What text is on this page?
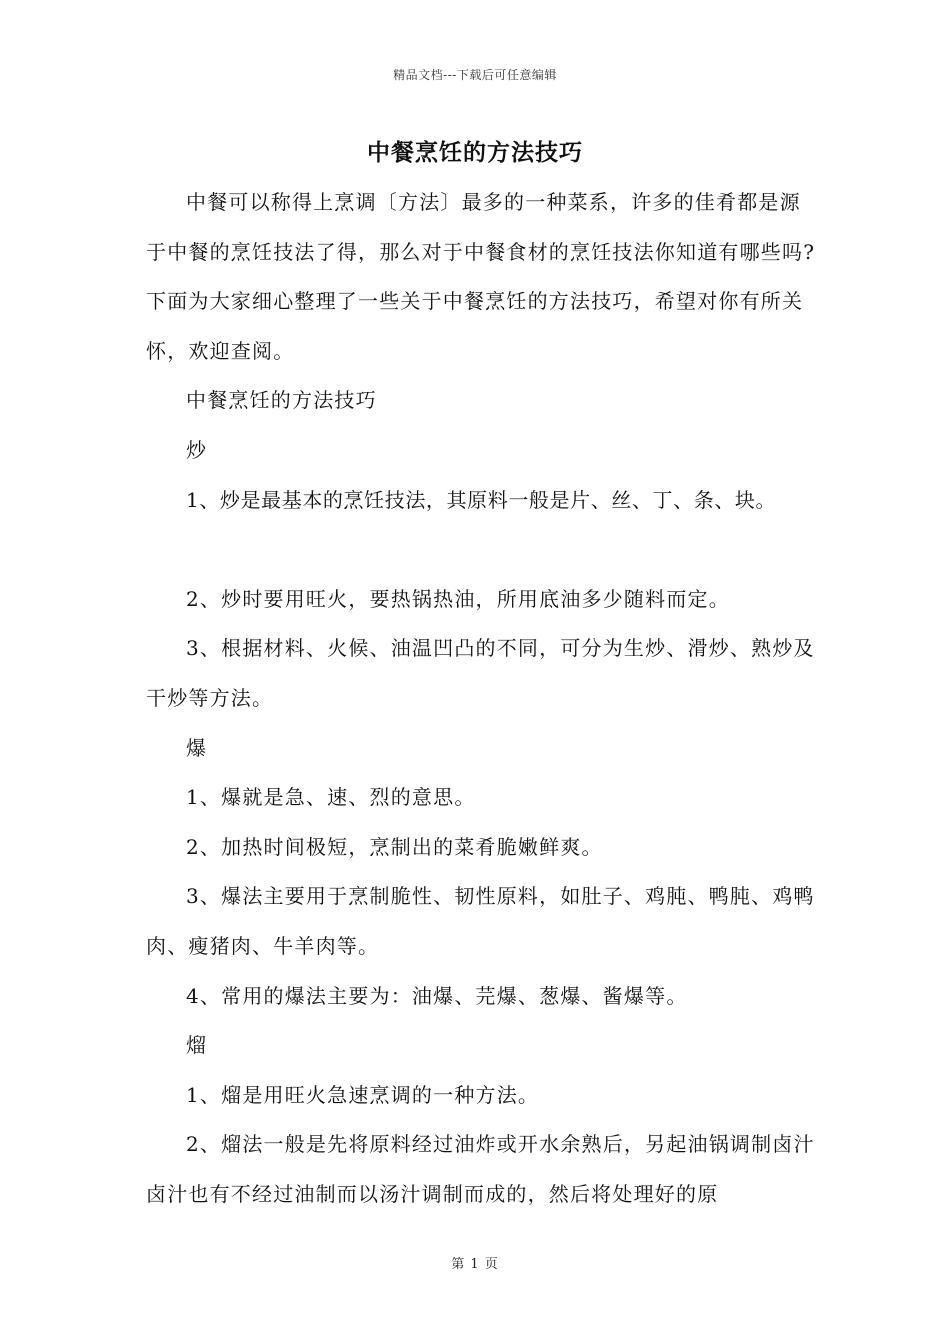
精品文档---下载后可任意编辑
中餐烹饪的方法技巧

中餐可以称得上烹调〔方法〕最多的一种菜系，许多的佳肴都是源于中餐的烹饪技法了得，那么对于中餐食材的烹饪技法你知道有哪些吗?下面为大家细心整理了一些关于中餐烹饪的方法技巧，希望对你有所关怀，欢迎查阅。

中餐烹饪的方法技巧

炒

1、炒是最基本的烹饪技法，其原料一般是片、丝、丁、条、块。

2、炒时要用旺火，要热锅热油，所用底油多少随料而定。

3、根据材料、火候、油温凹凸的不同，可分为生炒、滑炒、熟炒及干炒等方法。

爆

1、爆就是急、速、烈的意思。

2、加热时间极短，烹制出的菜肴脆嫩鲜爽。

3、爆法主要用于烹制脆性、韧性原料，如肚子、鸡肫、鸭肫、鸡鸭肉、瘦猪肉、牛羊肉等。

4、常用的爆法主要为：油爆、芫爆、葱爆、酱爆等。

熘

1、熘是用旺火急速烹调的一种方法。

2、熘法一般是先将原料经过油炸或开水余熟后，另起油锅调制卤汁卤汁也有不经过油制而以汤汁调制而成的，然后将处理好的原

第 1 页
